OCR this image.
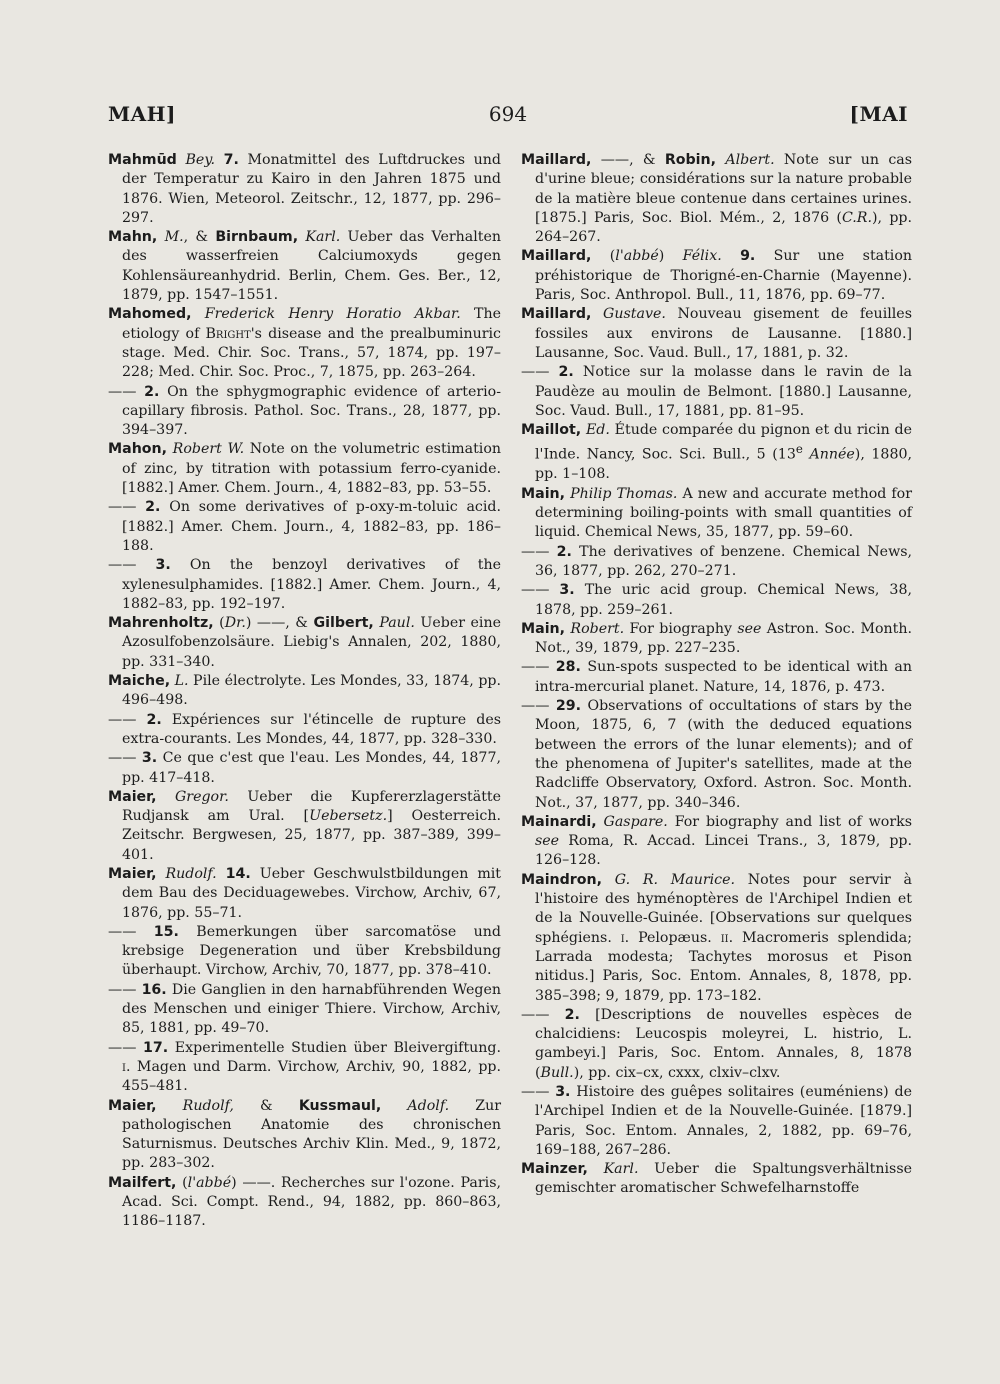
MAH]	694	[MAI

Mahmūd Bey. 7. Monatmittel des Luftdruckes und der Temperatur zu Kairo in den Jahren 1875 und 1876. Wien, Meteorol. Zeitschr., 12, 1877, pp. 296–297.

Mahn, M., & Birnbaum, Karl. Ueber das Verhalten des wasserfreien Calciumoxyds gegen Kohlensäureanhydrid. Berlin, Chem. Ges. Ber., 12, 1879, pp. 1547–1551.

Mahomed, Frederick Henry Horatio Akbar. The etiology of Bright's disease and the prealbuminuric stage. Med. Chir. Soc. Trans., 57, 1874, pp. 197–228; Med. Chir. Soc. Proc., 7, 1875, pp. 263–264.

—— 2. On the sphygmographic evidence of arterio-capillary fibrosis. Pathol. Soc. Trans., 28, 1877, pp. 394–397.

Mahon, Robert W. Note on the volumetric estimation of zinc, by titration with potassium ferro-cyanide. [1882.] Amer. Chem. Journ., 4, 1882–83, pp. 53–55.

—— 2. On some derivatives of p-oxy-m-toluic acid. [1882.] Amer. Chem. Journ., 4, 1882–83, pp. 186–188.

—— 3. On the benzoyl derivatives of the xylenesulphamides. [1882.] Amer. Chem. Journ., 4, 1882–83, pp. 192–197.

Mahrenholtz, (Dr.) ——, & Gilbert, Paul. Ueber eine Azosulfobenzolsäure. Liebig's Annalen, 202, 1880, pp. 331–340.

Maiche, L. Pile électrolyte. Les Mondes, 33, 1874, pp. 496–498.

—— 2. Expériences sur l'étincelle de rupture des extra-courants. Les Mondes, 44, 1877, pp. 328–330.

—— 3. Ce que c'est que l'eau. Les Mondes, 44, 1877, pp. 417–418.

Maier, Gregor. Ueber die Kupfererzlagerstätte Rudjansk am Ural. [Uebersetz.] Oesterreich. Zeitschr. Bergwesen, 25, 1877, pp. 387–389, 399–401.

Maier, Rudolf. 14. Ueber Geschwulstbildungen mit dem Bau des Deciduagewebes. Virchow, Archiv, 67, 1876, pp. 55–71.

—— 15. Bemerkungen über sarcomatöse und krebsige Degeneration und über Krebsbildung überhaupt. Virchow, Archiv, 70, 1877, pp. 378–410.

—— 16. Die Ganglien in den harnabführenden Wegen des Menschen und einiger Thiere. Virchow, Archiv, 85, 1881, pp. 49–70.

—— 17. Experimentelle Studien über Bleivergiftung. i. Magen und Darm. Virchow, Archiv, 90, 1882, pp. 455–481.

Maier, Rudolf, & Kussmaul, Adolf. Zur pathologischen Anatomie des chronischen Saturnismus. Deutsches Archiv Klin. Med., 9, 1872, pp. 283–302.

Mailfert, (l'abbé) ——. Recherches sur l'ozone. Paris, Acad. Sci. Compt. Rend., 94, 1882, pp. 860–863, 1186–1187.

Maillard, ——, & Robin, Albert. Note sur un cas d'urine bleue; considérations sur la nature probable de la matière bleue contenue dans certaines urines. [1875.] Paris, Soc. Biol. Mém., 2, 1876 (C.R.), pp. 264–267.

Maillard, (l'abbé) Félix. 9. Sur une station préhistorique de Thorigné-en-Charnie (Mayenne). Paris, Soc. Anthropol. Bull., 11, 1876, pp. 69–77.

Maillard, Gustave. Nouveau gisement de feuilles fossiles aux environs de Lausanne. [1880.] Lausanne, Soc. Vaud. Bull., 17, 1881, p. 32.

—— 2. Notice sur la molasse dans le ravin de la Paudèze au moulin de Belmont. [1880.] Lausanne, Soc. Vaud. Bull., 17, 1881, pp. 81–95.

Maillot, Ed. Étude comparée du pignon et du ricin de l'Inde. Nancy, Soc. Sci. Bull., 5 (13e Année), 1880, pp. 1–108.

Main, Philip Thomas. A new and accurate method for determining boiling-points with small quantities of liquid. Chemical News, 35, 1877, pp. 59–60.

—— 2. The derivatives of benzene. Chemical News, 36, 1877, pp. 262, 270–271.

—— 3. The uric acid group. Chemical News, 38, 1878, pp. 259–261.

Main, Robert. For biography see Astron. Soc. Month. Not., 39, 1879, pp. 227–235.

—— 28. Sun-spots suspected to be identical with an intra-mercurial planet. Nature, 14, 1876, p. 473.

—— 29. Observations of occultations of stars by the Moon, 1875, 6, 7 (with the deduced equations between the errors of the lunar elements); and of the phenomena of Jupiter's satellites, made at the Radcliffe Observatory, Oxford. Astron. Soc. Month. Not., 37, 1877, pp. 340–346.

Mainardi, Gaspare. For biography and list of works see Roma, R. Accad. Lincei Trans., 3, 1879, pp. 126–128.

Maindron, G. R. Maurice. Notes pour servir à l'histoire des hyménoptères de l'Archipel Indien et de la Nouvelle-Guinée. [Observations sur quelques sphégiens. i. Pelopæus. ii. Macromeris splendida; Larrada modesta; Tachytes morosus et Pison nitidus.] Paris, Soc. Entom. Annales, 8, 1878, pp. 385–398; 9, 1879, pp. 173–182.

—— 2. [Descriptions de nouvelles espèces de chalcidiens: Leucospis moleyrei, L. histrio, L. gambeyi.] Paris, Soc. Entom. Annales, 8, 1878 (Bull.), pp. cix–cx, cxxx, clxiv–clxv.

—— 3. Histoire des guêpes solitaires (euméniens) de l'Archipel Indien et de la Nouvelle-Guinée. [1879.] Paris, Soc. Entom. Annales, 2, 1882, pp. 69–76, 169–188, 267–286.

Mainzer, Karl. Ueber die Spaltungsverhältnisse gemischter aromatischer Schwefelharnstoffe
